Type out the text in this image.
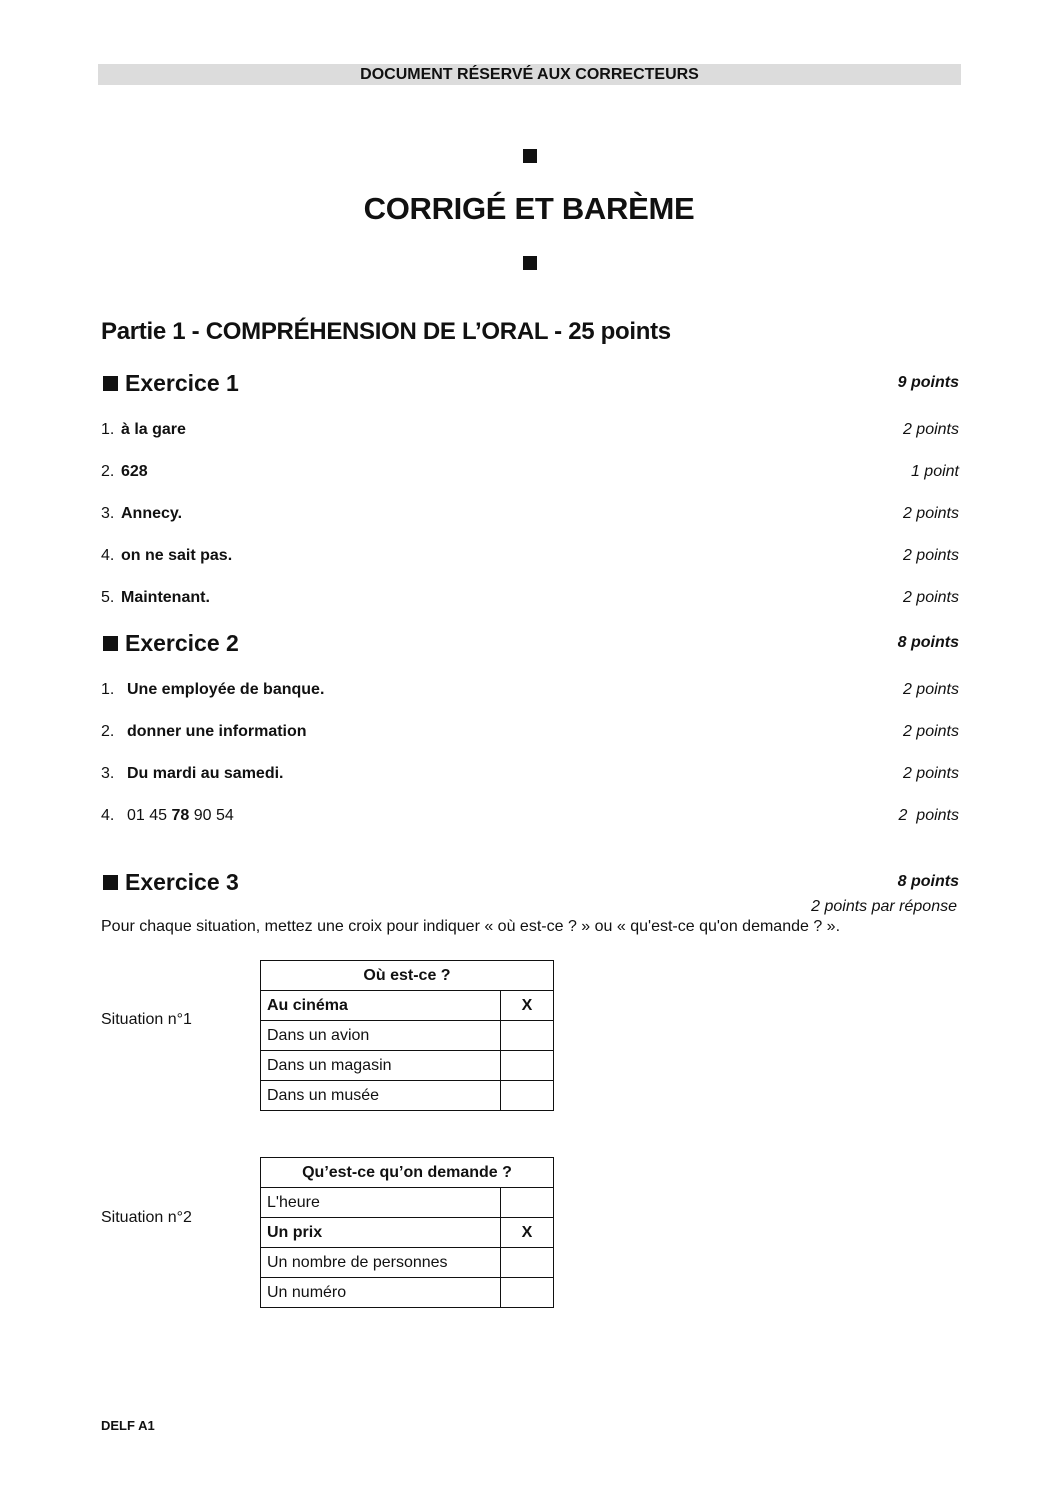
DOCUMENT RÉSERVÉ AUX CORRECTEURS
CORRIGÉ ET BARÈME
Partie 1 - COMPRÉHENSION DE L’ORAL - 25 points
Exercice 1	9 points
1. à la gare	2 points
2. 628	1 point
3. Annecy.	2 points
4. on ne sait pas.	2 points
5. Maintenant.	2 points
Exercice 2	8 points
1. Une employée de banque.	2 points
2. donner une information	2 points
3. Du mardi au samedi.	2 points
4. 01 45 78 90 54	2  points
Exercice 3	8 points
2 points par réponse
Pour chaque situation, mettez une croix pour indiquer « où est-ce ? » ou « qu'est-ce qu'on demande ? ».
Situation n°1
Où est-ce ?	
Au cinéma	X
Dans un avion	
Dans un magasin	
Dans un musée	
Situation n°2
Qu’est-ce qu’on demande ?	
L'heure	
Un prix	X
Un nombre de personnes	
Un numéro	
DELF A1
